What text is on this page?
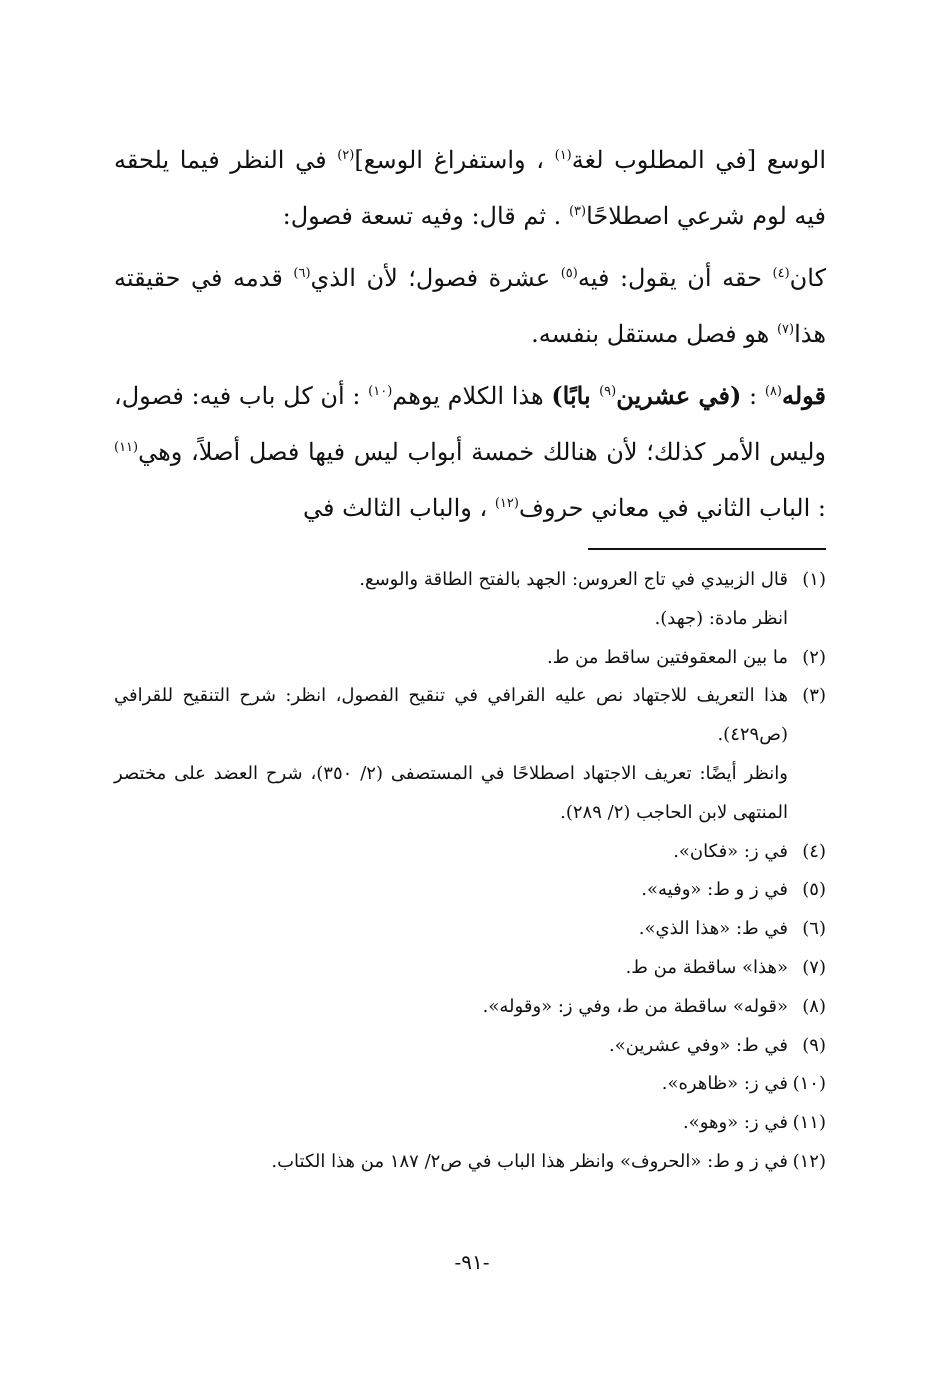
الوسع [في المطلوب لغة$^{(١)}$ ، واستفراغ الوسع]$^{(٢)}$ في النظر فيما يلحقه فيه لوم شرعي اصطلاحًا$^{(٣)}$ . ثم قال: وفيه تسعة فصول:

كان$^{(٤)}$ حقه أن يقول: فيه$^{(٥)}$ عشرة فصول؛ لأن الذي$^{(٦)}$ قدمه في حقيقته هذا$^{(٧)}$ هو فصل مستقل بنفسه.

قوله$^{(٨)}$ : (في عشرين$^{(٩)}$ بابًا) هذا الكلام يوهم$^{(١٠)}$ : أن كل باب فيه: فصول، وليس الأمر كذلك؛ لأن هنالك خمسة أبواب ليس فيها فصل أصلاً، وهي$^{(١١)}$ : الباب الثاني في معاني حروف$^{(١٢)}$ ، والباب الثالث في

(١)
قال الزبيدي في تاج العروس: الجهد بالفتح الطاقة والوسع.
انظر مادة: (جهد).
(٢)
ما بين المعقوفتين ساقط من ط.
(٣)
هذا التعريف للاجتهاد نص عليه القرافي في تنقيح الفصول، انظر: شرح التنقيح للقرافي (ص٤٢٩).
وانظر أيضًا: تعريف الاجتهاد اصطلاحًا في المستصفى (٢/ ٣٥٠)، شرح العضد على مختصر المنتهى لابن الحاجب (٢/ ٢٨٩).
(٤)
في ز: «فكان».
(٥)
في ز و ط: «وفيه».
(٦)
في ط: «هذا الذي».
(٧)
«هذا» ساقطة من ط.
(٨)
«قوله» ساقطة من ط، وفي ز: «وقوله».
(٩)
في ط: «وفي عشرين».
(١٠)
في ز: «ظاهره».
(١١)
في ز: «وهو».
(١٢)
في ز و ط: «الحروف» وانظر هذا الباب في ص٢/ ١٨٧ من هذا الكتاب.
-٩١-
